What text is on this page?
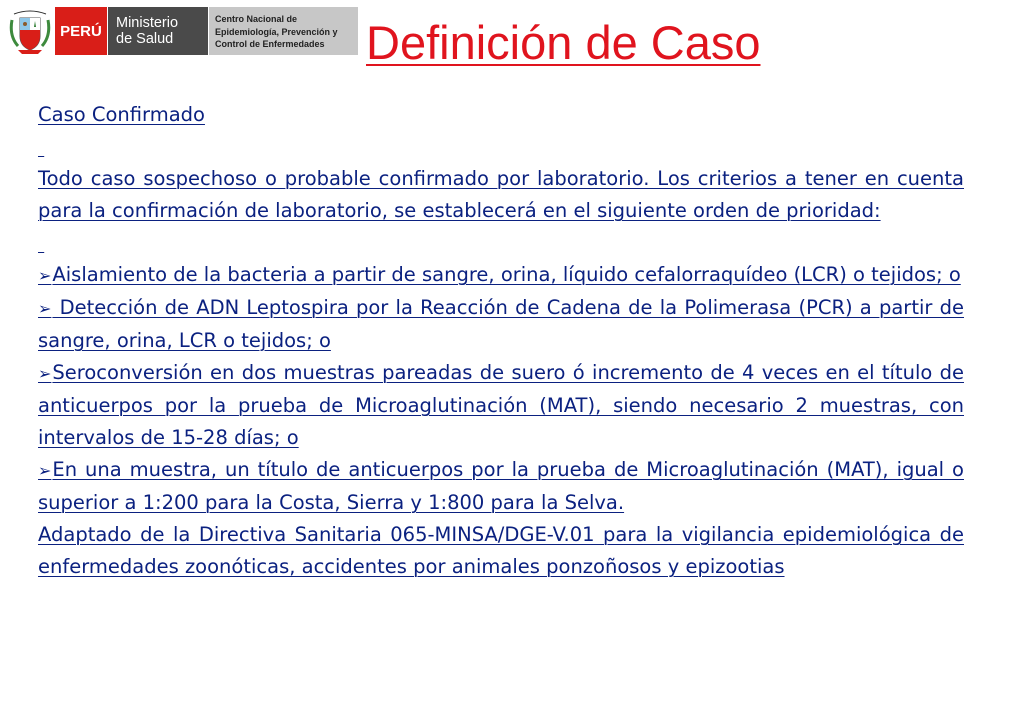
PERÚ Ministerio
de Salud
Centro Nacional de
Epidemiología, Prevención y
Control de Enfermedades Definición de Caso

Caso Confirmado

Todo caso sospechoso o probable confirmado por laboratorio. Los criterios a tener en cuenta para la confirmación de laboratorio, se establecerá en el siguiente orden de prioridad:

➢Aislamiento de la bacteria a partir de sangre, orina, líquido cefalorraquídeo (LCR) o tejidos; o

➢ Detección de ADN Leptospira por la Reacción de Cadena de la Polimerasa (PCR) a partir de sangre, orina, LCR o tejidos; o

➢Seroconversión en dos muestras pareadas de suero ó incremento de 4 veces en el título de anticuerpos por la prueba de Microaglutinación (MAT), siendo necesario 2 muestras, con intervalos de 15-28 días; o

➢En una muestra, un título de anticuerpos por la prueba de Microaglutinación (MAT), igual o superior a 1:200 para la Costa, Sierra y 1:800 para la Selva.

Adaptado de la Directiva Sanitaria 065-MINSA/DGE-V.01 para la vigilancia epidemiológica de enfermedades zoonóticas, accidentes por animales ponzoñosos y epizootias
